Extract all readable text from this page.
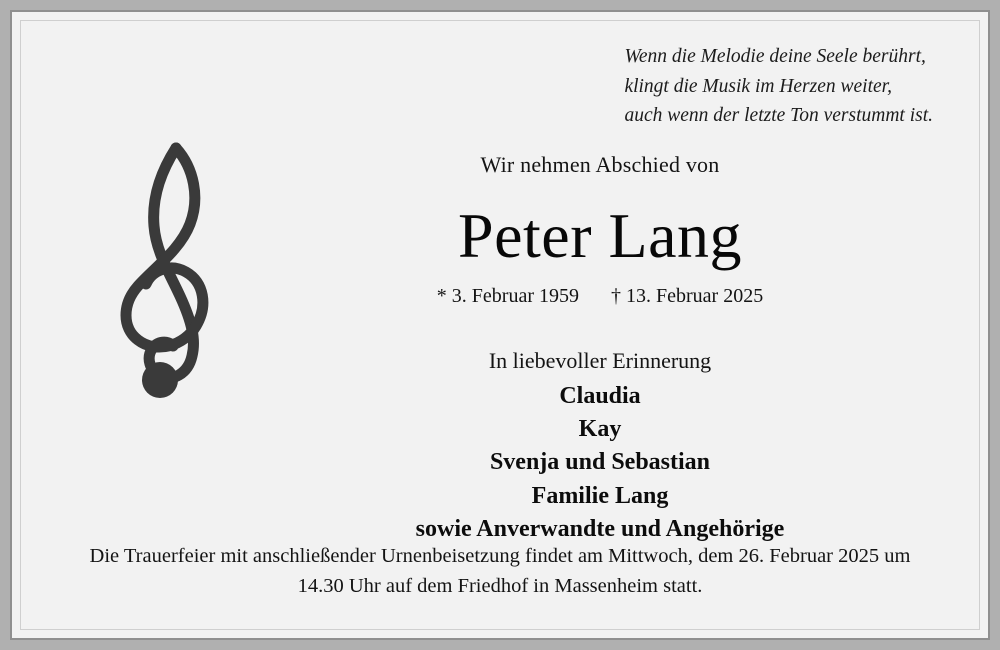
Wenn die Melodie deine Seele berührt,
klingt die Musik im Herzen weiter,
auch wenn der letzte Ton verstummt ist.
Wir nehmen Abschied von
Peter Lang
* 3. Februar 1959 † 13. Februar 2025
In liebevoller Erinnerung
Claudia
Kay
Svenja und Sebastian
Familie Lang
sowie Anverwandte und Angehörige
Die Trauerfeier mit anschließender Urnenbeisetzung findet am Mittwoch, dem 26. Februar 2025 um
14.30 Uhr auf dem Friedhof in Massenheim statt.
